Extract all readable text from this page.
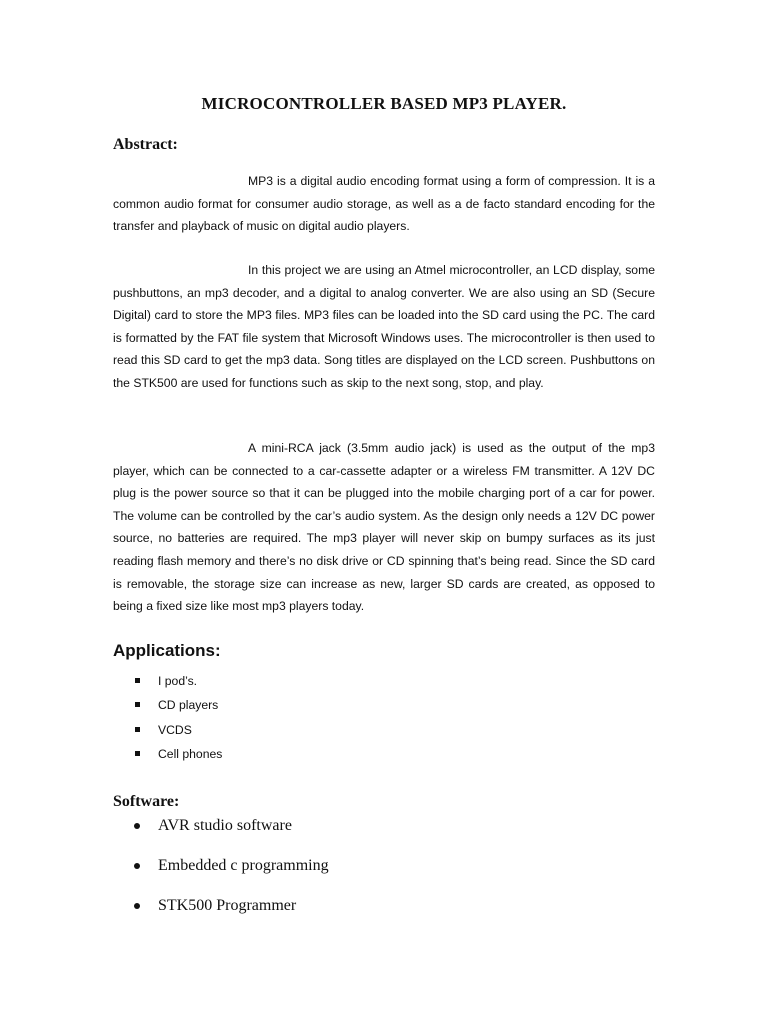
MICROCONTROLLER BASED MP3 PLAYER.
Abstract:

MP3 is a digital audio encoding format using a form of compression. It is a common audio format for consumer audio storage, as well as a de facto standard encoding for the transfer and playback of music on digital audio players.

In this project we are using an Atmel microcontroller, an LCD display, some pushbuttons, an mp3 decoder, and a digital to analog converter. We are also using an SD (Secure Digital) card to store the MP3 files. MP3 files can be loaded into the SD card using the PC. The card is formatted by the FAT file system that Microsoft Windows uses. The microcontroller is then used to read this SD card to get the mp3 data. Song titles are displayed on the LCD screen. Pushbuttons on the STK500 are used for functions such as skip to the next song, stop, and play.

A mini-RCA jack (3.5mm audio jack) is used as the output of the mp3 player, which can be connected to a car-cassette adapter or a wireless FM transmitter. A 12V DC plug is the power source so that it can be plugged into the mobile charging port of a car for power. The volume can be controlled by the car’s audio system. As the design only needs a 12V DC power source, no batteries are required. The mp3 player will never skip on bumpy surfaces as its just reading flash memory and there’s no disk drive or CD spinning that’s being read. Since the SD card is removable, the storage size can increase as new, larger SD cards are created, as opposed to being a fixed size like most mp3 players today.

Applications:
I pod’s.
CD players
VCDS
Cell phones
Software:
AVR studio software
Embedded c programming
STK500 Programmer
